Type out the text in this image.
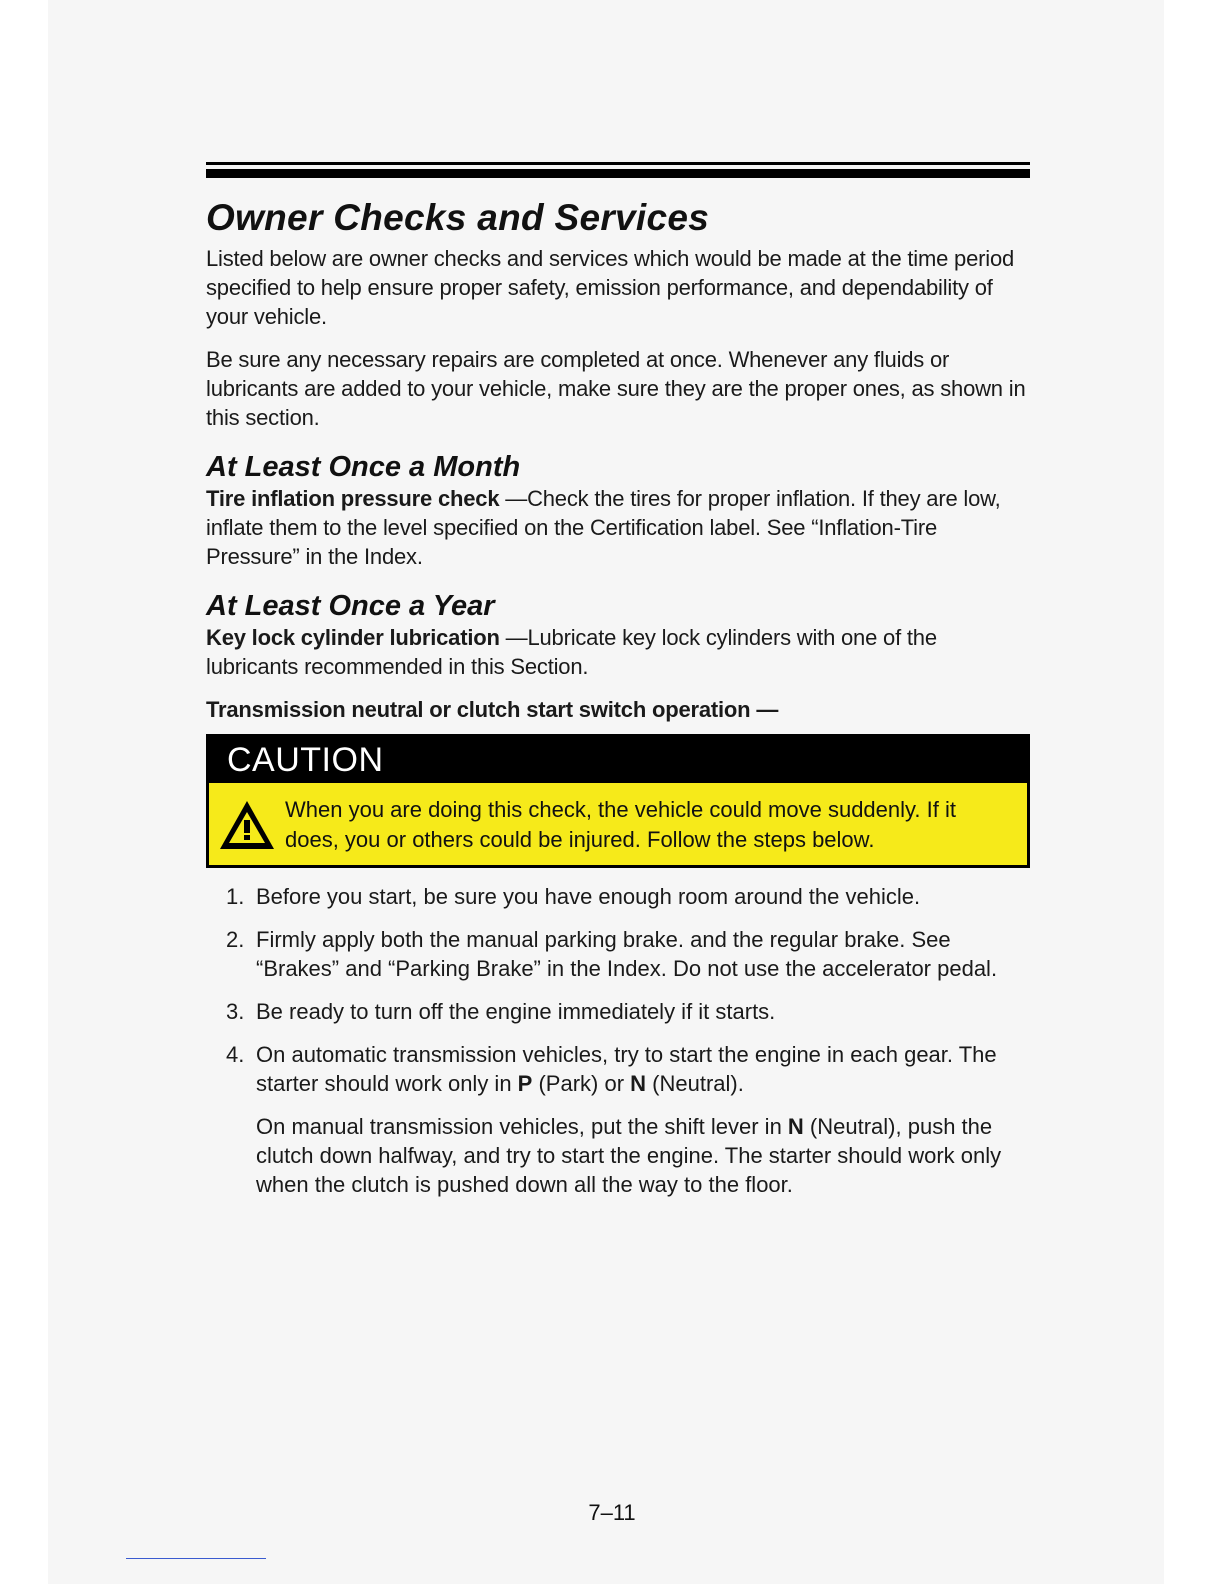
Owner Checks and Services

Listed below are owner checks and services which would be made at the time period specified to help ensure proper safety, emission performance, and dependability of your vehicle.

Be sure any necessary repairs are completed at once. Whenever any fluids or lubricants are added to your vehicle, make sure they are the proper ones, as shown in this section.

At Least Once a Month

Tire inflation pressure check —Check the tires for proper inflation. If they are low, inflate them to the level specified on the Certification label. See “Inflation-Tire Pressure” in the Index.

At Least Once a Year

Key lock cylinder lubrication —Lubricate key lock cylinders with one of the lubricants recommended in this Section.

Transmission neutral or clutch start switch operation —

CAUTION
When you are doing this check, the vehicle could move suddenly. If it does, you or others could be injured. Follow the steps below.
1. Before you start, be sure you have enough room around the vehicle.
2. Firmly apply both the manual parking brake. and the regular brake. See “Brakes” and “Parking Brake” in the Index. Do not use the accelerator pedal.
3. Be ready to turn off the engine immediately if it starts.
4. On automatic transmission vehicles, try to start the engine in each gear. The starter should work only in P (Park) or N (Neutral).

On manual transmission vehicles, put the shift lever in N (Neutral), push the clutch down halfway, and try to start the engine. The starter should work only when the clutch is pushed down all the way to the floor.

7–11
